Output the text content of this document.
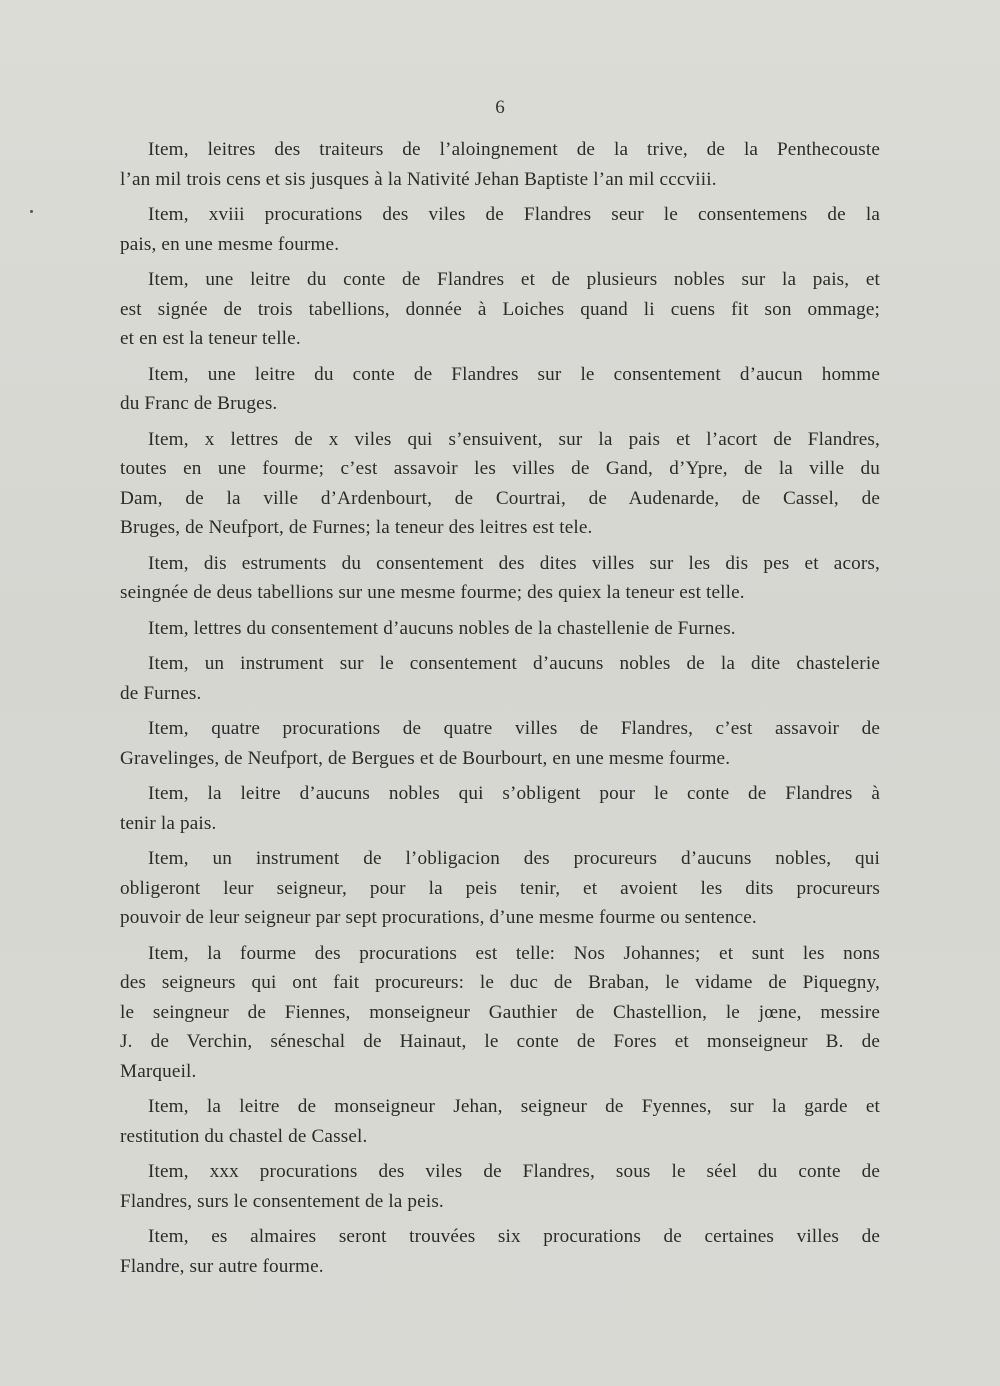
6
Item, leitres des traiteurs de l’aloingnement de la trive, de la Penthecouste
l’an mil trois cens et sis jusques à la Nativité Jehan Baptiste l’an mil cccviii.
Item, xviii procurations des viles de Flandres seur le consentemens de la
pais, en une mesme fourme.
Item, une leitre du conte de Flandres et de plusieurs nobles sur la pais, et
est signée de trois tabellions, donnée à Loiches quand li cuens fit son ommage;
et en est la teneur telle.
Item, une leitre du conte de Flandres sur le consentement d’aucun homme
du Franc de Bruges.
Item, x lettres de x viles qui s’ensuivent, sur la pais et l’acort de Flandres,
toutes en une fourme; c’est assavoir les villes de Gand, d’Ypre, de la ville du
Dam, de la ville d’Ardenbourt, de Courtrai, de Audenarde, de Cassel, de
Bruges, de Neufport, de Furnes; la teneur des leitres est tele.
Item, dis estruments du consentement des dites villes sur les dis pes et acors,
seingnée de deus tabellions sur une mesme fourme; des quiex la teneur est telle.
Item, lettres du consentement d’aucuns nobles de la chastellenie de Furnes.
Item, un instrument sur le consentement d’aucuns nobles de la dite chastelerie
de Furnes.
Item, quatre procurations de quatre villes de Flandres, c’est assavoir de
Gravelinges, de Neufport, de Bergues et de Bourbourt, en une mesme fourme.
Item, la leitre d’aucuns nobles qui s’obligent pour le conte de Flandres à
tenir la pais.
Item, un instrument de l’obligacion des procureurs d’aucuns nobles, qui
obligeront leur seigneur, pour la peis tenir, et avoient les dits procureurs
pouvoir de leur seigneur par sept procurations, d’une mesme fourme ou sentence.
Item, la fourme des procurations est telle: Nos Johannes; et sunt les nons
des seigneurs qui ont fait procureurs: le duc de Braban, le vidame de Piquegny,
le seingneur de Fiennes, monseigneur Gauthier de Chastellion, le jœne, messire
J. de Verchin, séneschal de Hainaut, le conte de Fores et monseigneur B. de
Marqueil.
Item, la leitre de monseigneur Jehan, seigneur de Fyennes, sur la garde et
restitution du chastel de Cassel.
Item, xxx procurations des viles de Flandres, sous le séel du conte de
Flandres, surs le consentement de la peis.
Item, es almaires seront trouvées six procurations de certaines villes de
Flandre, sur autre fourme.
